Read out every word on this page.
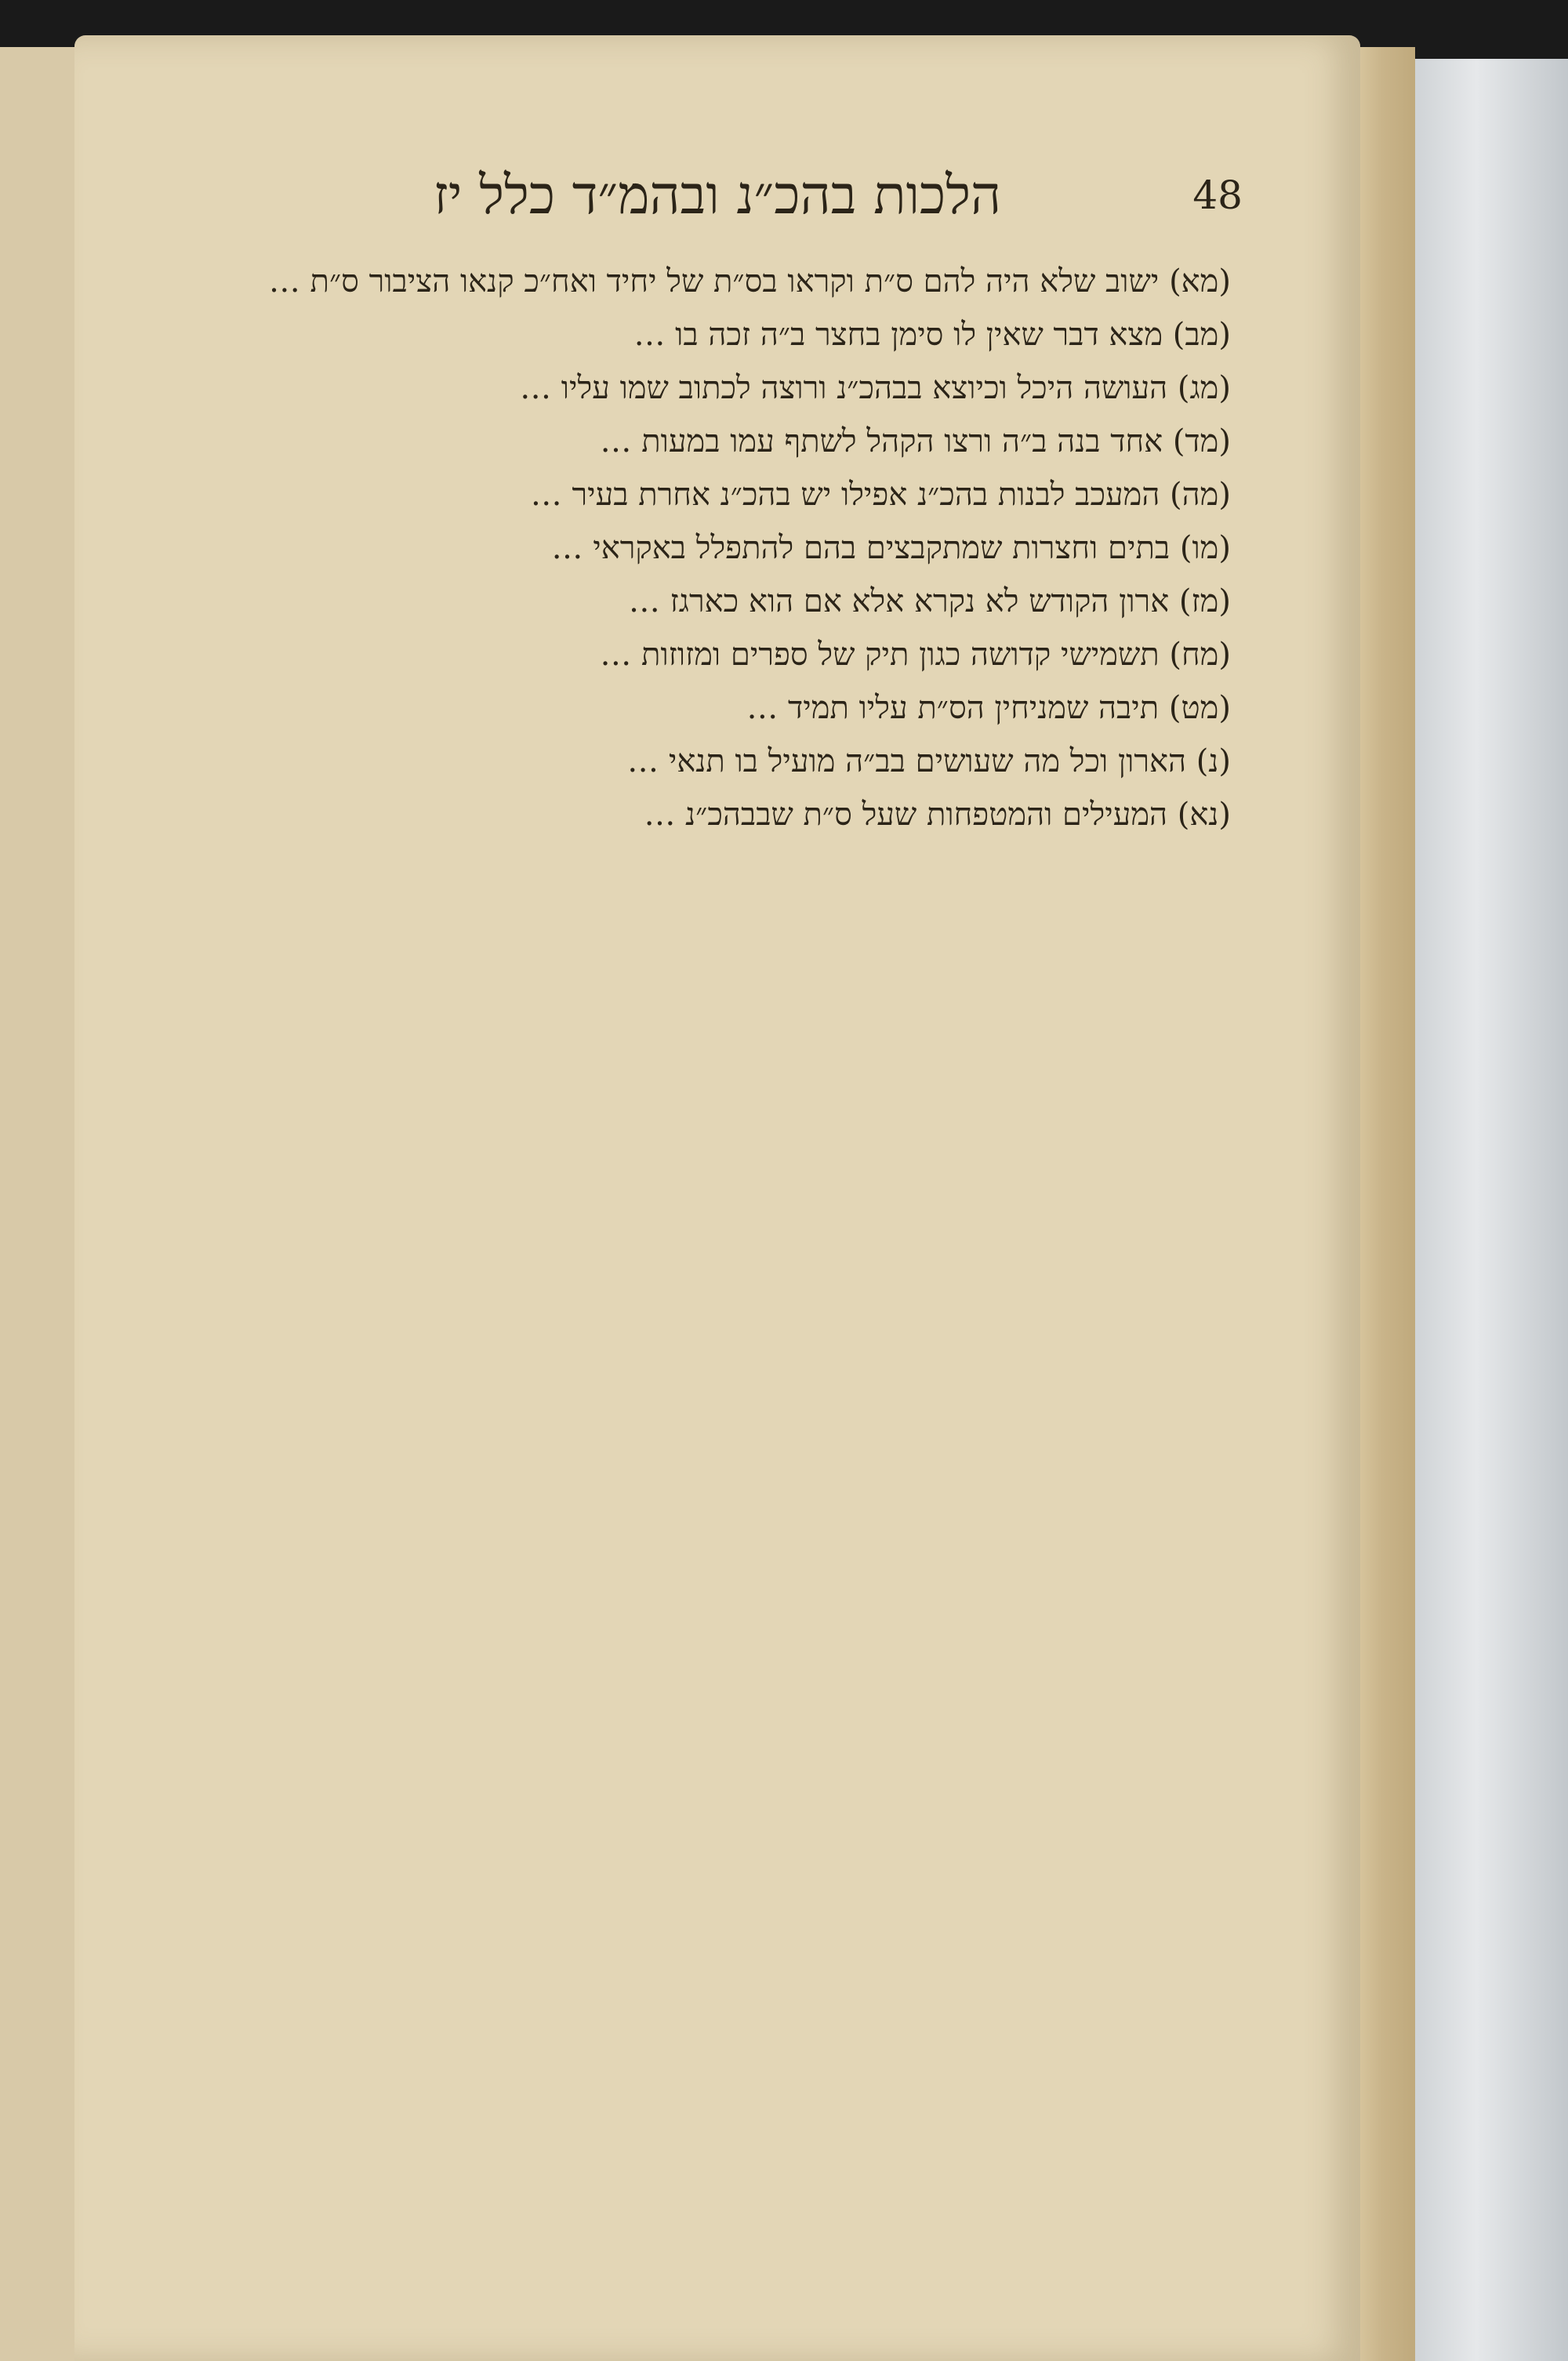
הלכות בהכ״נ ובהמ״ד כלל יז	48

(מא) ישוב שלא היה להם ס״ת וקראו בס״ת של יחיד ואח״כ קנאו הציבור ס״ת …

(מב) מצא דבר שאין לו סימן בחצר ב״ה זכה בו …

(מג) העושה היכל וכיוצא בבהכ״נ ורוצה לכתוב שמו עליו …

(מד) אחד בנה ב״ה ורצו הקהל לשתף עמו במעות …

(מה) המעכב לבנות בהכ״נ אפילו יש בהכ״נ אחרת בעיר …

(מו) בתים וחצרות שמתקבצים בהם להתפלל באקראי …

(מז) ארון הקודש לא נקרא אלא אם הוא כארגז …

(מח) תשמישי קדושה כגון תיק של ספרים ומזוזות …

(מט) תיבה שמניחין הס״ת עליו תמיד …

(נ) הארון וכל מה שעושים בב״ה מועיל בו תנאי …

(נא) המעילים והמטפחות שעל ס״ת שבבהכ״נ …
